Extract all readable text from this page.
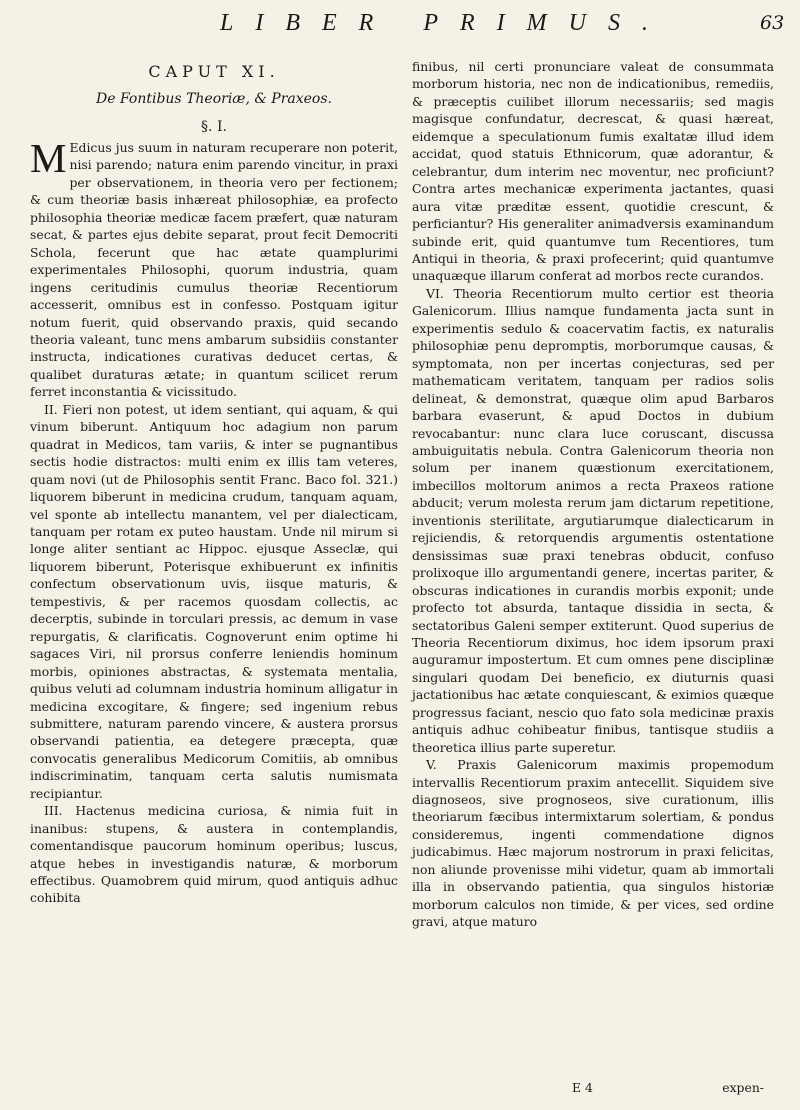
LIBER PRIMUS.	63
CAPUT XI.
De Fontibus Theoriæ, & Praxeos.
§. I.

M Edicus jus suum in naturam recuperare non poterit, nisi parendo; natura enim parendo vincitur, in praxi per observationem, in theoria vero per fectionem; & cum theoriæ basis inhæreat philosophiæ, ea profecto philosophia theoriæ medicæ facem præfert, quæ naturam secat, & partes ejus debite separat, prout fecit Democriti Schola, fecerunt que hac ætate quamplurimi experimentales Philosophi, quorum industria, quam ingens ceritudinis cumulus theoriæ Recentiorum accesserit, omnibus est in confesso. Postquam igitur notum fuerit, quid observando praxis, quid secando theoria valeant, tunc mens ambarum subsidiis constanter instructa, indicationes curativas deducet certas, & qualibet duraturas ætate; in quantum scilicet rerum ferret inconstantia & vicissitudo.

II. Fieri non potest, ut idem sentiant, qui aquam, & qui vinum biberunt. Antiquum hoc adagium non parum quadrat in Medicos, tam variis, & inter se pugnantibus sectis hodie distractos: multi enim ex illis tam veteres, quam novi (ut de Philosophis sentit Franc. Baco fol. 321.) liquorem biberunt in medicina crudum, tanquam aquam, vel sponte ab intellectu manantem, vel per dialecticam, tanquam per rotam ex puteo haustam. Unde nil mirum si longe aliter sentiant ac Hippoc. ejusque Asseclæ, qui liquorem biberunt, Poterisque exhibuerunt ex infinitis confectum observationum uvis, iisque maturis, & tempestivis, & per racemos quosdam collectis, ac decerptis, subinde in torculari pressis, ac demum in vase repurgatis, & clarificatis. Cognoverunt enim optime hi sagaces Viri, nil prorsus conferre leniendis hominum morbis, opiniones abstractas, & systemata mentalia, quibus veluti ad columnam industria hominum alligatur in medicina excogitare, & fingere; sed ingenium rebus submittere, naturam parendo vincere, & austera prorsus observandi patientia, ea detegere præcepta, quæ convocatis generalibus Medicorum Comitiis, ab omnibus indiscriminatim, tanquam certa salutis numismata recipiantur.

III. Hactenus medicina curiosa, & nimia fuit in inanibus: stupens, & austera in contemplandis, comentandisque paucorum hominum operibus; luscus, atque hebes in investigandis naturæ, & morborum effectibus. Quamobrem quid mirum, quod antiquis adhuc cohibita

finibus, nil certi pronunciare valeat de consummata morborum historia, nec non de indicationibus, remediis, & præceptis cuilibet illorum necessariis; sed magis magisque confundatur, decrescat, & quasi hæreat, eidemque a speculationum fumis exaltatæ illud idem accidat, quod statuis Ethnicorum, quæ adorantur, & celebrantur, dum interim nec moventur, nec proficiunt? Contra artes mechanicæ experimenta jactantes, quasi aura vitæ præditæ essent, quotidie crescunt, & perficiantur? His generaliter animadversis examinandum subinde erit, quid quantumve tum Recentiores, tum Antiqui in theoria, & praxi profecerint; quid quantumve unaquæque illarum conferat ad morbos recte curandos.

VI. Theoria Recentiorum multo certior est theoria Galenicorum. Illius namque fundamenta jacta sunt in experimentis sedulo & coacervatim factis, ex naturalis philosophiæ penu depromptis, morborumque causas, & symptomata, non per incertas conjecturas, sed per mathematicam veritatem, tanquam per radios solis delineat, & demonstrat, quæque olim apud Barbaros barbara evaserunt, & apud Doctos in dubium revocabantur: nunc clara luce coruscant, discussa ambuiguitatis nebula. Contra Galenicorum theoria non solum per inanem quæstionum exercitationem, imbecillos moltorum animos a recta Praxeos ratione abducit; verum molesta rerum jam dictarum repetitione, inventionis sterilitate, argutiarumque dialecticarum in rejiciendis, & retorquendis argumentis ostentatione densissimas suæ praxi tenebras obducit, confuso prolixoque illo argumentandi genere, incertas pariter, & obscuras indicationes in curandis morbis exponit; unde profecto tot absurda, tantaque dissidia in secta, & sectatoribus Galeni semper extiterunt. Quod superius de Theoria Recentiorum diximus, hoc idem ipsorum praxi auguramur impostertum. Et cum omnes pene disciplinæ singulari quodam Dei beneficio, ex diuturnis quasi jactationibus hac ætate conquiescant, & eximios quæque progressus faciant, nescio quo fato sola medicinæ praxis antiquis adhuc cohibeatur finibus, tantisque studiis a theoretica illius parte superetur.

V. Praxis Galenicorum maximis propemodum intervallis Recentiorum praxim antecellit. Siquidem sive diagnoseos, sive prognoseos, sive curationum, illis theoriarum fæcibus intermixtarum solertiam, & pondus consideremus, ingenti commendatione dignos judicabimus. Hæc majorum nostrorum in praxi felicitas, non aliunde provenisse mihi videtur, quam ab immortali illa in observando patientia, qua singulos historiæ morborum calculos non timide, & per vices, sed ordine gravi, atque maturo

E 4	expen-
